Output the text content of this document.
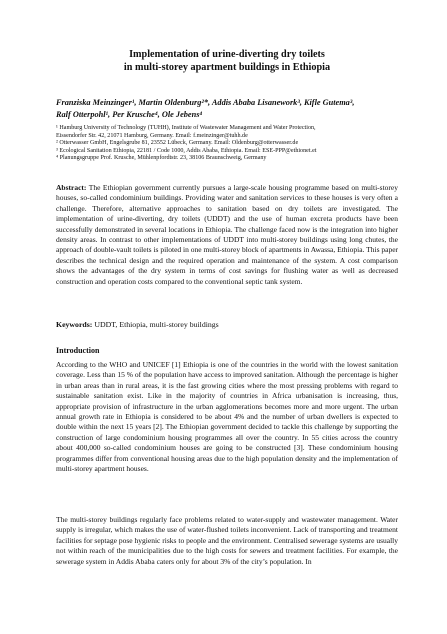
Implementation of urine-diverting dry toilets
in multi-storey apartment buildings in Ethiopia
Franziska Meinzinger¹, Martin Oldenburg²*, Addis Ababa Lisanework³, Kifle Gutema³,
Ralf Otterpohl¹, Per Krusche⁴, Ole Jebens⁴
¹ Hamburg University of Technology (TUHH), Institute of Wastewater Management and Water Protection,
Eissendorfer Str. 42, 21071 Hamburg, Germany. Email: f.meinzinger@tuhh.de
² Otterwasser GmbH, Engelsgrube 81, 23552 Lübeck, Germany. Email: Oldenburg@otterwasser.de
³ Ecological Sanitation Ethiopia, 22181 / Code 1000, Addis Ababa, Ethiopia. Email: ESE-PPP@ethionet.et
⁴ Planungsgruppe Prof. Krusche, Mühlenpfordtstr. 23, 38106 Braunschweig, Germany

Abstract: The Ethiopian government currently pursues a large-scale housing programme based on multi-storey houses, so-called condominium buildings. Providing water and sanitation services to these houses is very often a challenge. Therefore, alternative approaches to sanitation based on dry toilets are investigated. The implementation of urine-diverting, dry toilets (UDDT) and the use of human excreta products have been successfully demonstrated in several locations in Ethiopia. The challenge faced now is the integration into higher density areas. In contrast to other implementations of UDDT into multi-storey buildings using long chutes, the approach of double-vault toilets is piloted in one multi-storey block of apartments in Awassa, Ethiopia. This paper describes the technical design and the required operation and maintenance of the system. A cost comparison shows the advantages of the dry system in terms of cost savings for flushing water as well as decreased construction and operation costs compared to the conventional septic tank system.

Keywords: UDDT, Ethiopia, multi-storey buildings
Introduction

According to the WHO and UNICEF [1] Ethiopia is one of the countries in the world with the lowest sanitation coverage. Less than 15 % of the population have access to improved sanitation. Although the percentage is higher in urban areas than in rural areas, it is the fast growing cities where the most pressing problems with regard to sustainable sanitation exist. Like in the majority of countries in Africa urbanisation is increasing, thus, appropriate provision of infrastructure in the urban agglomerations becomes more and more urgent. The urban annual growth rate in Ethiopia is considered to be about 4% and the number of urban dwellers is expected to double within the next 15 years [2]. The Ethiopian government decided to tackle this challenge by supporting the construction of large condominium housing programmes all over the country. In 55 cities across the country about 400,000 so-called condominium houses are going to be constructed [3]. These condominium housing programmes differ from conventional housing areas due to the high population density and the implementation of multi-storey apartment houses.

The multi-storey buildings regularly face problems related to water-supply and wastewater management. Water supply is irregular, which makes the use of water-flushed toilets inconvenient. Lack of transporting and treatment facilities for septage pose hygienic risks to people and the environment. Centralised sewerage systems are usually not within reach of the municipalities due to the high costs for sewers and treatment facilities. For example, the sewerage system in Addis Ababa caters only for about 3% of the city’s population. In
